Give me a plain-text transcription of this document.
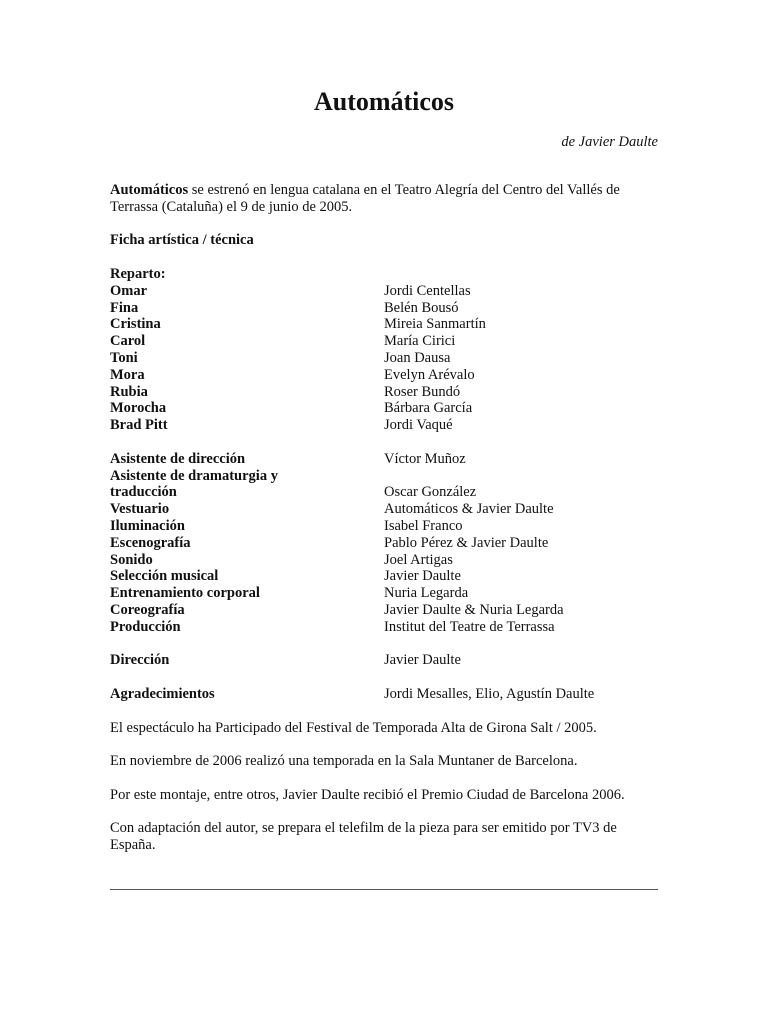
Automáticos
de Javier Daulte

Automáticos se estrenó en lengua catalana en el Teatro Alegría del Centro del Vallés de Terrassa (Cataluña) el 9 de junio de 2005.

Ficha artística / técnica

Reparto:

Omar	Jordi Centellas
Fina	Belén Bousó
Cristina	Mireia Sanmartín
Carol	María Cirici
Toni	Joan Dausa
Mora	Evelyn Arévalo
Rubia	Roser Bundó
Morocha	Bárbara García
Brad Pitt	Jordi Vaqué
Asistente de dirección	Víctor Muñoz
Asistente de dramaturgia y
traducción	Oscar González
Vestuario	Automáticos & Javier Daulte
Iluminación	Isabel Franco
Escenografía	Pablo Pérez & Javier Daulte
Sonido	Joel Artigas
Selección musical	Javier Daulte
Entrenamiento corporal	Nuria Legarda
Coreografía	Javier Daulte & Nuria Legarda
Producción	Institut del Teatre de Terrassa
Dirección	Javier Daulte
Agradecimientos	Jordi Mesalles, Elio, Agustín Daulte

El espectáculo ha Participado del Festival de Temporada Alta de Girona Salt / 2005.

En noviembre de 2006 realizó una temporada en la Sala Muntaner de Barcelona.

Por este montaje, entre otros, Javier Daulte recibió el Premio Ciudad de Barcelona 2006.

Con adaptación del autor, se prepara el telefilm de la pieza para ser emitido por TV3 de España.
